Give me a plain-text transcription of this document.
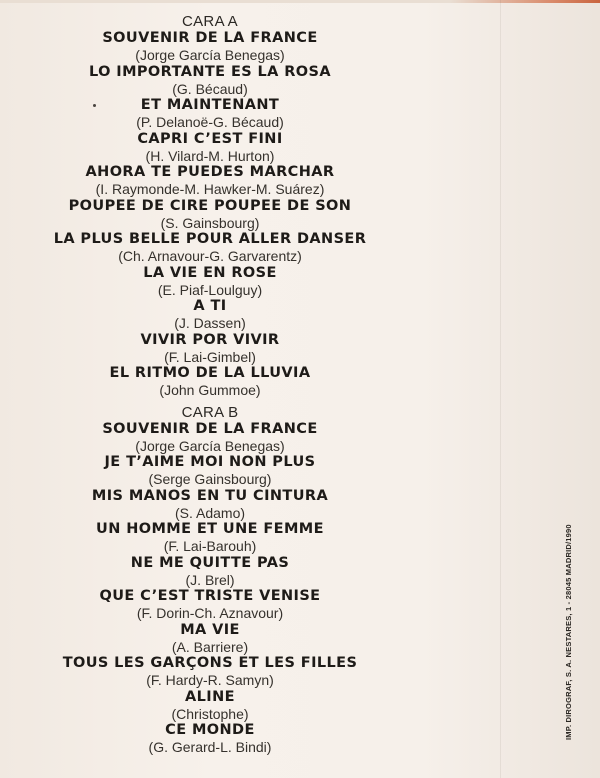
CARA A
SOUVENIR DE LA FRANCE
(Jorge García Benegas)
LO IMPORTANTE ES LA ROSA
(G. Bécaud)
ET MAINTENANT
(P. Delanoë-G. Bécaud)
CAPRI C’EST FINI
(H. Vilard-M. Hurton)
AHORA TE PUEDES MARCHAR
(I. Raymonde-M. Hawker-M. Suárez)
POUPEE DE CIRE POUPEE DE SON
(S. Gainsbourg)
LA PLUS BELLE POUR ALLER DANSER
(Ch. Arnavour-G. Garvarentz)
LA VIE EN ROSE
(E. Piaf-Loulguy)
A TI
(J. Dassen)
VIVIR POR VIVIR
(F. Lai-Gimbel)
EL RITMO DE LA LLUVIA
(John Gummoe)
CARA B
SOUVENIR DE LA FRANCE
(Jorge García Benegas)
JE T’AIME MOI NON PLUS
(Serge Gainsbourg)
MIS MANOS EN TU CINTURA
(S. Adamo)
UN HOMME ET UNE FEMME
(F. Lai-Barouh)
NE ME QUITTE PAS
(J. Brel)
QUE C’EST TRISTE VENISE
(F. Dorin-Ch. Aznavour)
MA VIE
(A. Barriere)
TOUS LES GARÇONS ET LES FILLES
(F. Hardy-R. Samyn)
ALINE
(Christophe)
CE MONDE
(G. Gerard-L. Bindi)
IMP. DIROGRAF, S. A. NESTARES, 1 - 28045 MADRID/1990
